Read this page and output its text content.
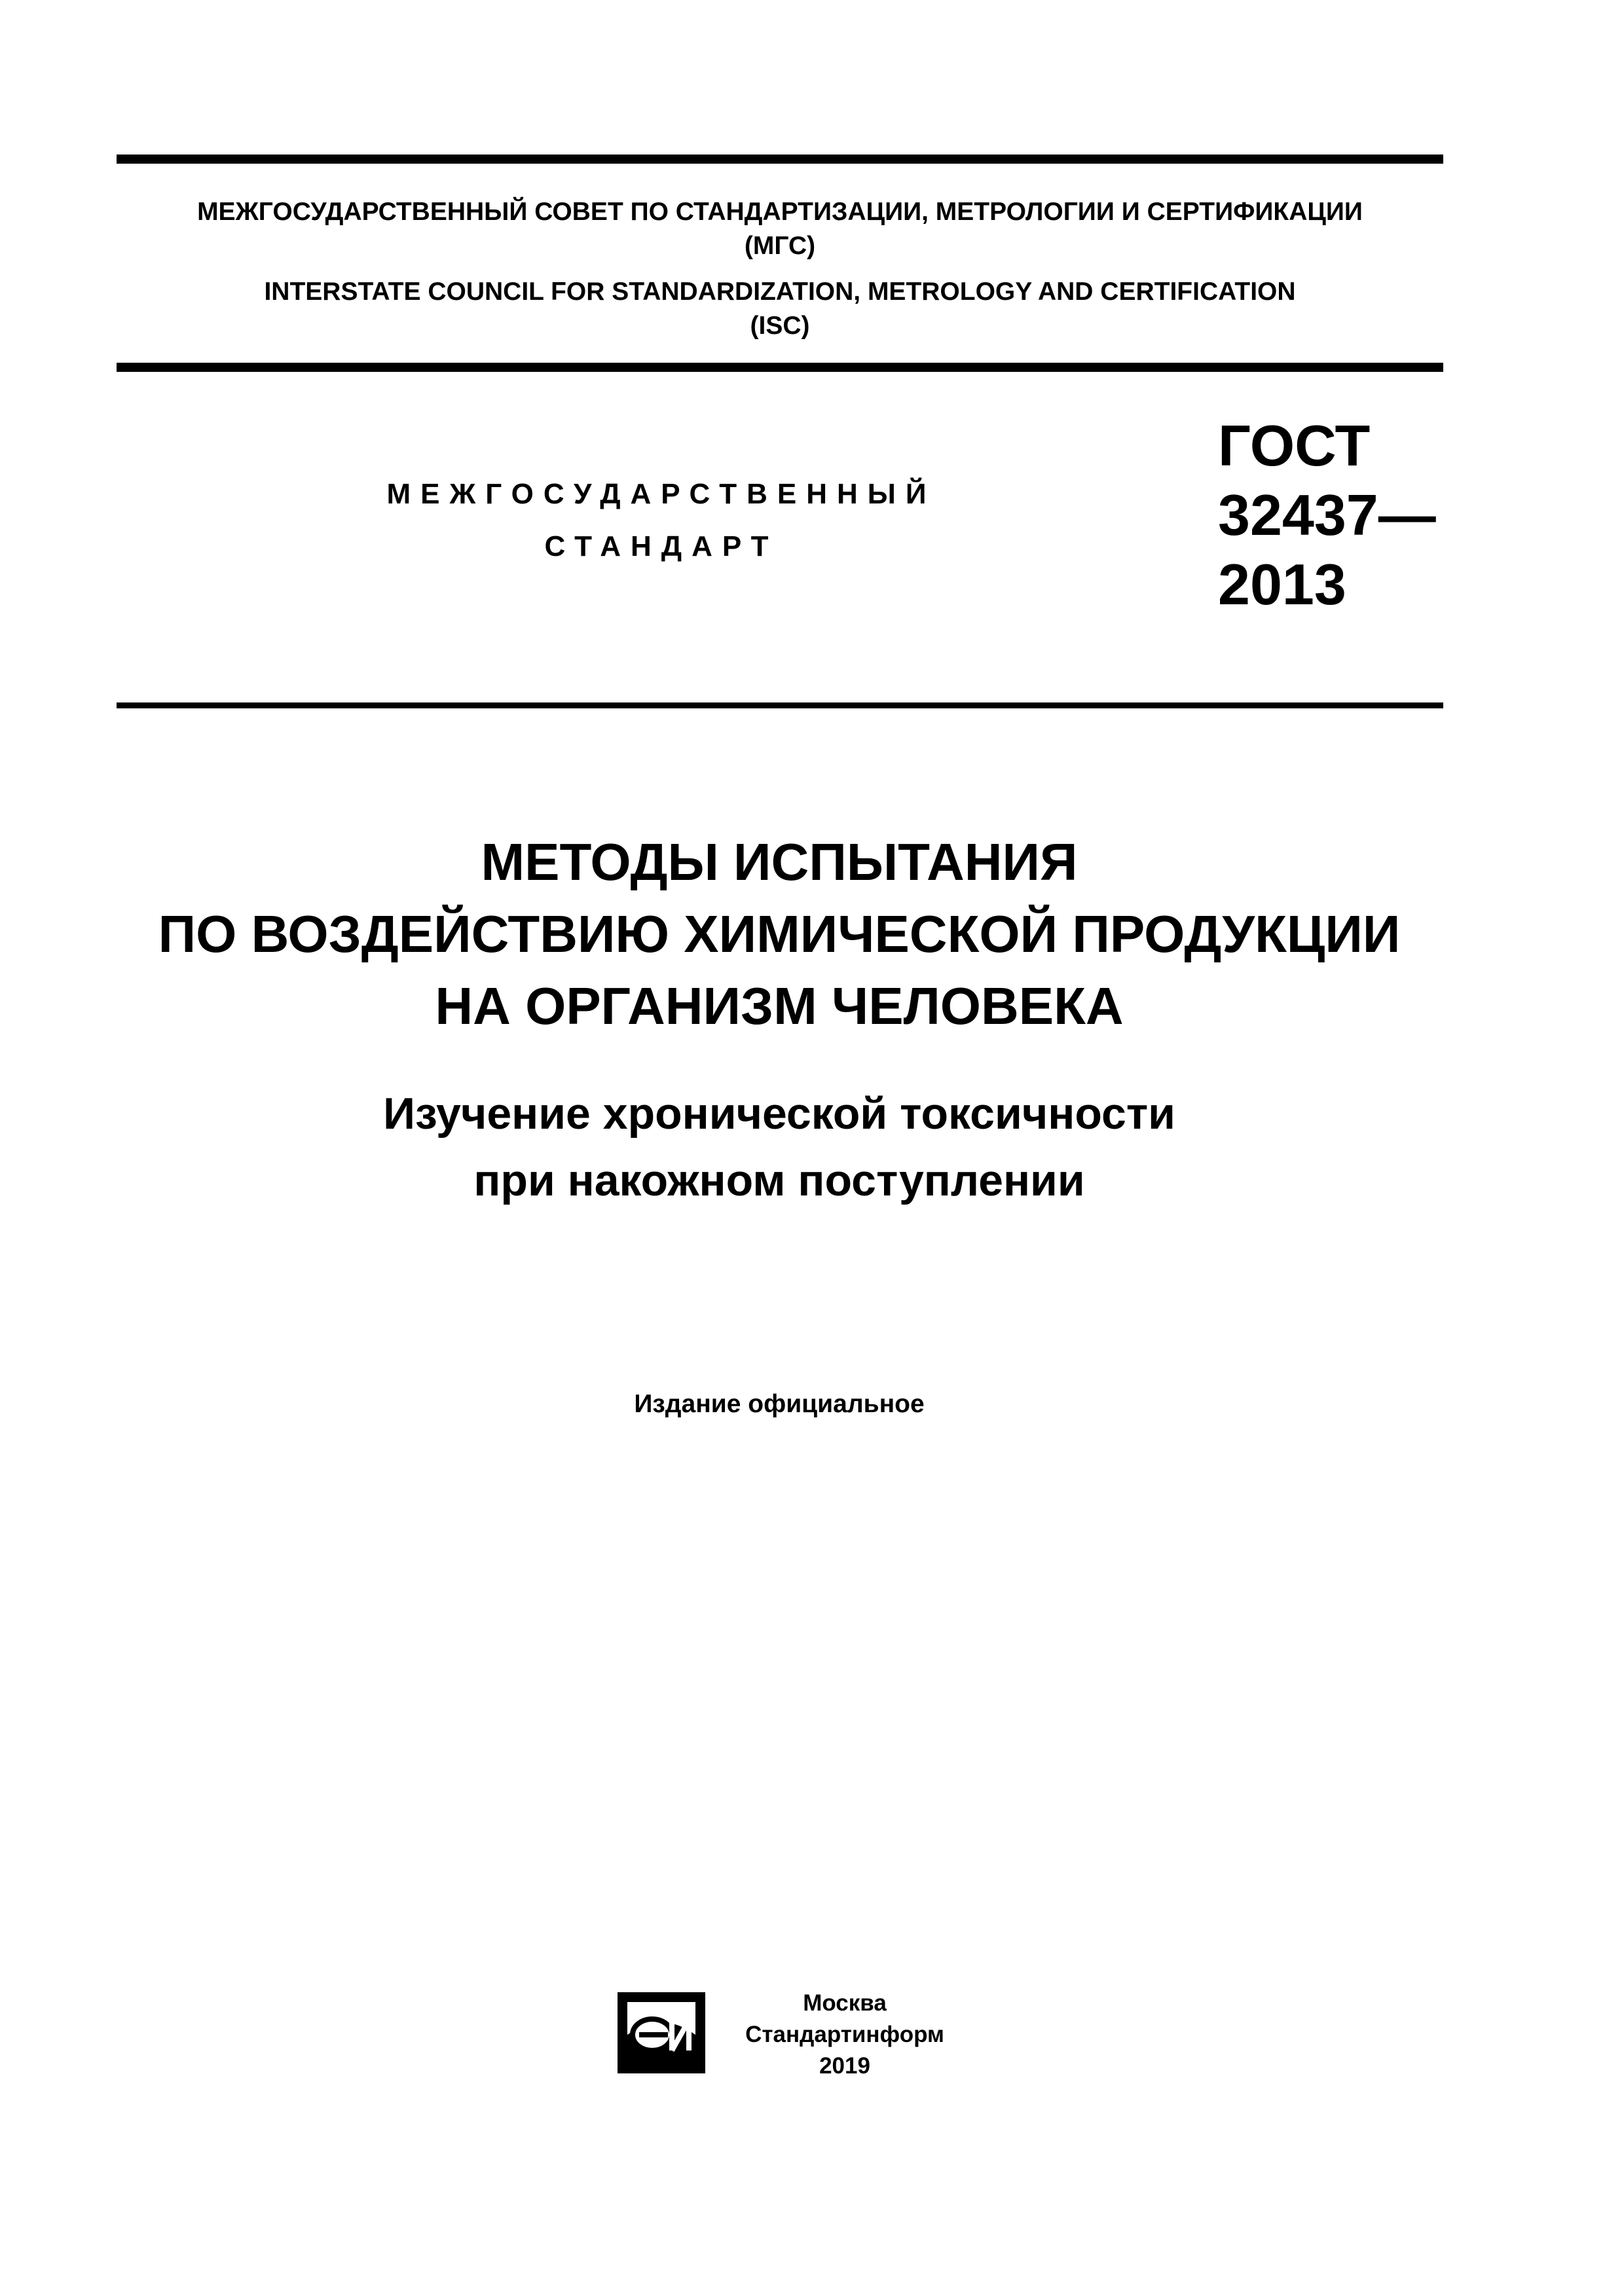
МЕЖГОСУДАРСТВЕННЫЙ СОВЕТ ПО СТАНДАРТИЗАЦИИ, МЕТРОЛОГИИ И СЕРТИФИКАЦИИ
(МГС)
INTERSTATE COUNCIL FOR STANDARDIZATION, METROLOGY AND CERTIFICATION
(ISC)
МЕЖГОСУДАРСТВЕННЫЙ
СТАНДАРТ
ГОСТ
32437—
2013
МЕТОДЫ ИСПЫТАНИЯ
ПО ВОЗДЕЙСТВИЮ ХИМИЧЕСКОЙ ПРОДУКЦИИ
НА ОРГАНИЗМ ЧЕЛОВЕКА
Изучение хронической токсичности
при накожном поступлении
Издание официальное
Москва
Стандартинформ
2019
